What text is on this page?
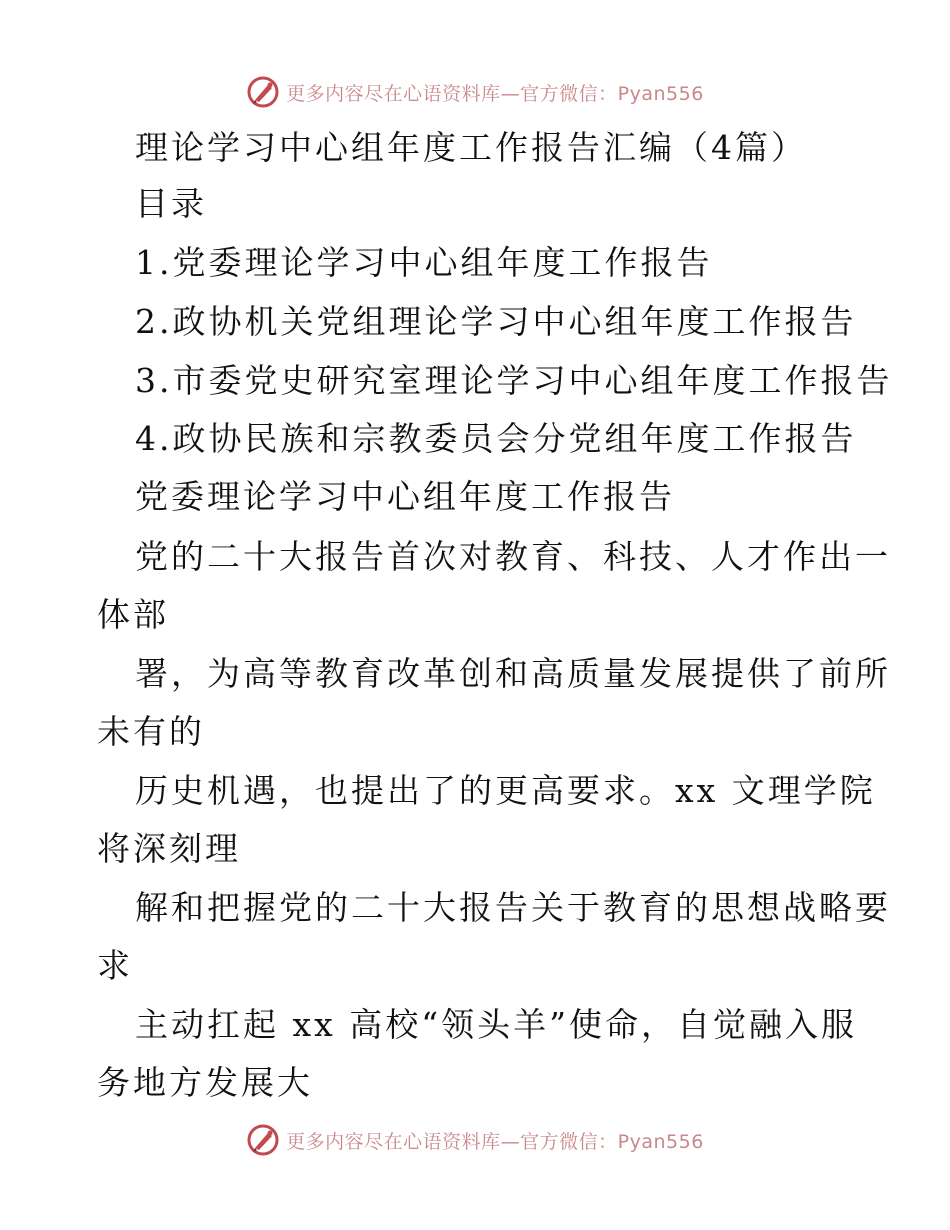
更多内容尽在心语资料库—官方微信：Pyan556
理论学习中心组年度工作报告汇编（4篇）
目录
1.党委理论学习中心组年度工作报告
2.政协机关党组理论学习中心组年度工作报告
3.市委党史研究室理论学习中心组年度工作报告
4.政协民族和宗教委员会分党组年度工作报告
党委理论学习中心组年度工作报告
党的二十大报告首次对教育、科技、人才作出一
体部
署，为高等教育改革创和高质量发展提供了前所
未有的
历史机遇，也提出了的更高要求。xx 文理学院
将深刻理
解和把握党的二十大报告关于教育的思想战略要
求
主动扛起 xx 高校“领头羊”使命，自觉融入服
务地方发展大
更多内容尽在心语资料库—官方微信：Pyan556
